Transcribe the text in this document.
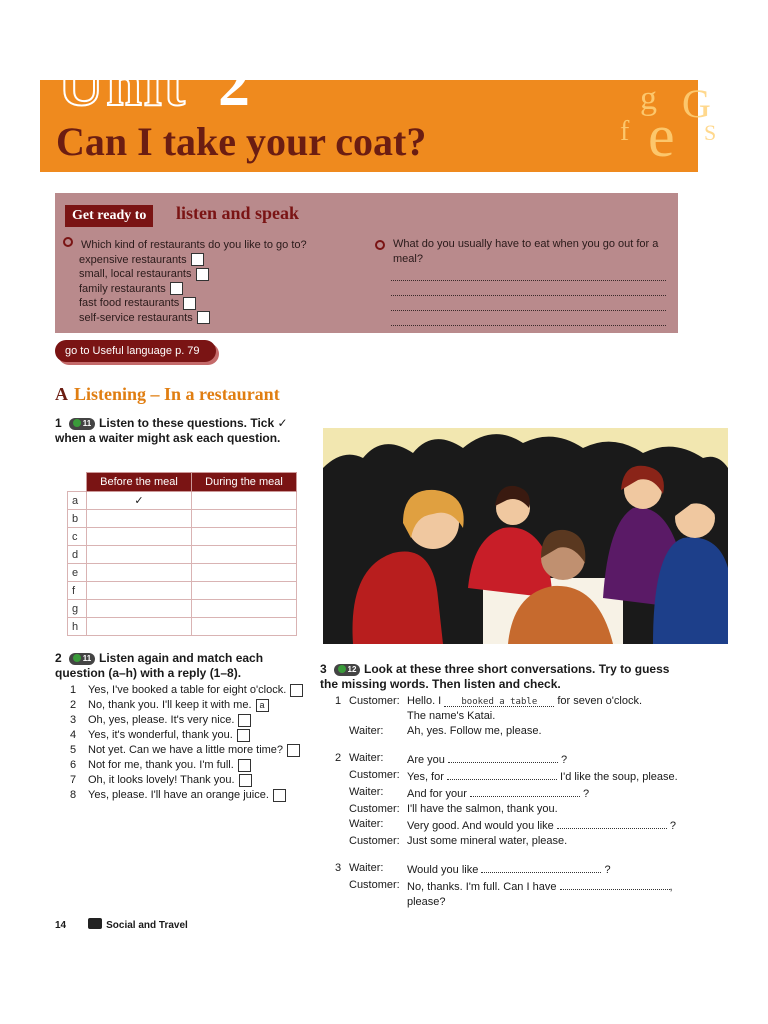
Unit 2
Can I take your coat?
g G
e S
f
Get ready to	listen and speak
Which kind of restaurants do you like to go to?
expensive restaurants
small, local restaurants
family restaurants
fast food restaurants
self-service restaurants
What do you usually have to eat when you go out for a meal?
go to Useful language p. 79
A Listening – In a restaurant
1	11 Listen to these questions. Tick ✓ when a waiter might ask each question.
	Before the meal	During the meal
a	✓	
b		
c		
d		
e		
f		
g		
h		
2	11 Listen again and match each question (a–h) with a reply (1–8).
1	Yes, I've booked a table for eight o'clock.
2	No, thank you. I'll keep it with me. a
3	Oh, yes, please. It's very nice.
4	Yes, it's wonderful, thank you.
5	Not yet. Can we have a little more time?
6	Not for me, thank you. I'm full.
7	Oh, it looks lovely! Thank you.
8	Yes, please. I'll have an orange juice.
3	12 Look at these three short conversations. Try to guess the missing words. Then listen and check.
1 Customer: Hello. I booked a table for seven o'clock.
The name's Katai.
Waiter:	Ah, yes. Follow me, please.
2 Waiter:	Are you	?
Customer: Yes, for	I'd like the soup, please.
Waiter:	And for your	?
Customer: I'll have the salmon, thank you.
Waiter:	Very good. And would you like	?
Customer: Just some mineral water, please.
3 Waiter:	Would you like	?
Customer: No, thanks. I'm full. Can I have	,
please?
14	Social and Travel
